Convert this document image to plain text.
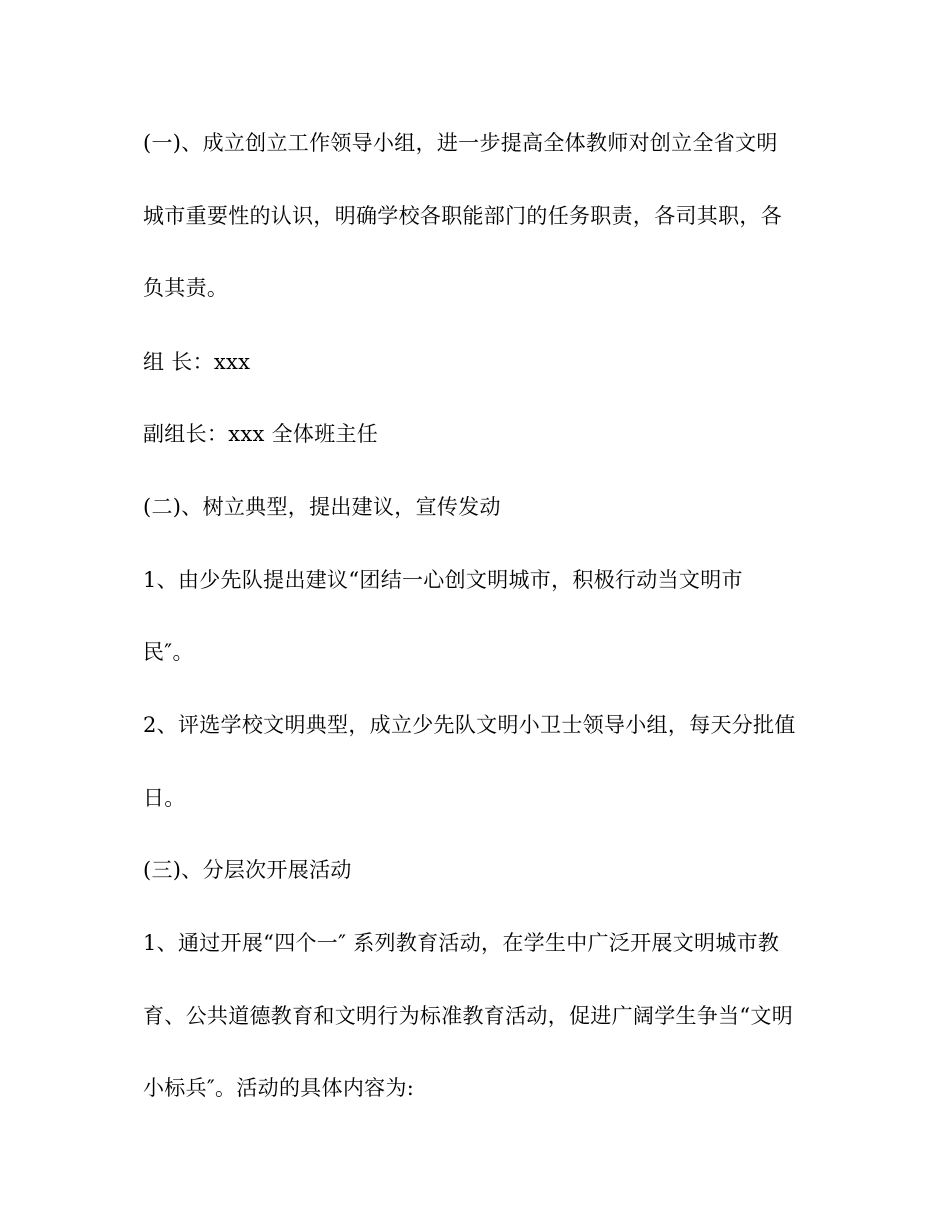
(一)、成立创立工作领导小组，进一步提高全体教师对创立全省文明
城市重要性的认识，明确学校各职能部门的任务职责，各司其职，各
负其责。
组 长：xxx
副组长：xxx 全体班主任
(二)、树立典型，提出建议，宣传发动
1、由少先队提出建议“团结一心创文明城市，积极行动当文明市
民″。
2、评选学校文明典型，成立少先队文明小卫士领导小组，每天分批值
日。
(三)、分层次开展活动
1、通过开展“四个一″ 系列教育活动，在学生中广泛开展文明城市教
育、公共道德教育和文明行为标准教育活动，促进广阔学生争当“文明
小标兵″。活动的具体内容为:
